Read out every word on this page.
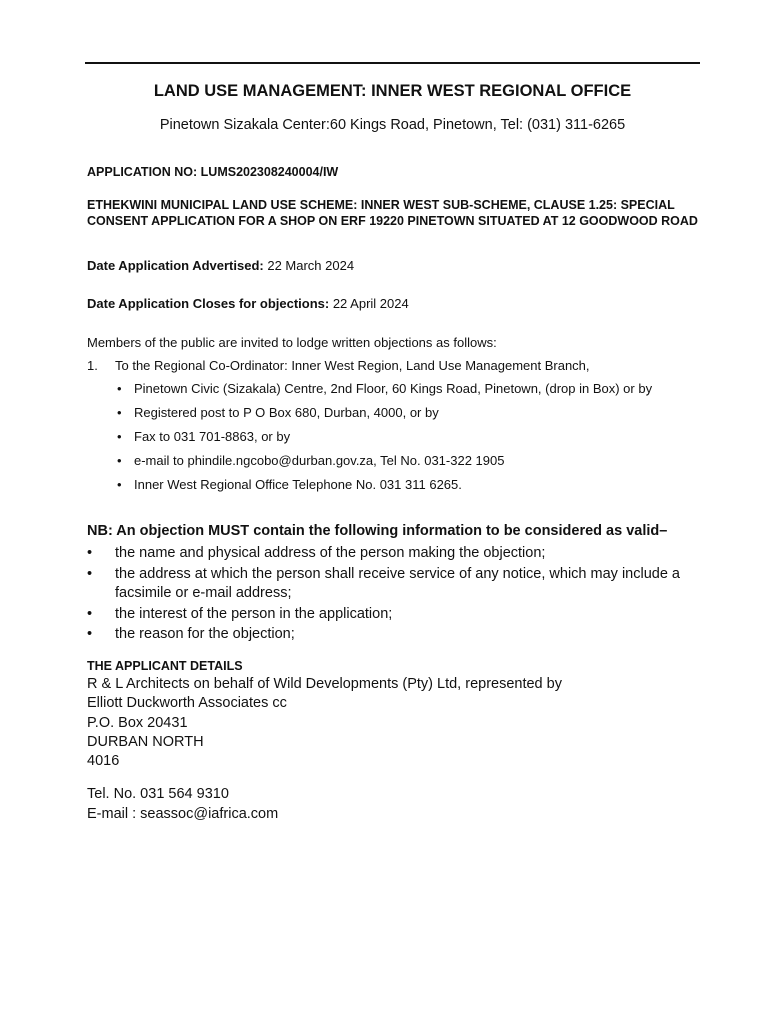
LAND USE MANAGEMENT: INNER WEST REGIONAL OFFICE

Pinetown Sizakala Center:60 Kings Road, Pinetown, Tel: (031) 311-6265

APPLICATION NO: LUMS202308240004/IW

ETHEKWINI MUNICIPAL LAND USE SCHEME: INNER WEST SUB-SCHEME, CLAUSE 1.25: SPECIAL CONSENT APPLICATION FOR A SHOP ON ERF 19220 PINETOWN SITUATED AT 12 GOODWOOD ROAD

Date Application Advertised: 22 March 2024

Date Application Closes for objections: 22 April 2024

Members of the public are invited to lodge written objections as follows:

1. To the Regional Co-Ordinator: Inner West Region, Land Use Management Branch,
• Pinetown Civic (Sizakala) Centre, 2nd Floor, 60 Kings Road, Pinetown, (drop in Box) or by
• Registered post to P O Box 680, Durban, 4000, or by
• Fax to 031 701-8863, or by
• e-mail to phindile.ngcobo@durban.gov.za, Tel No. 031-322 1905
• Inner West Regional Office Telephone No. 031 311 6265.

NB: An objection MUST contain the following information to be considered as valid–

• the name and physical address of the person making the objection;
• the address at which the person shall receive service of any notice, which may include a facsimile or e-mail address;
• the interest of the person in the application;
• the reason for the objection;

THE APPLICANT DETAILS

R & L Architects on behalf of Wild Developments (Pty) Ltd, represented by
Elliott Duckworth Associates cc
P.O. Box 20431
DURBAN NORTH
4016
Tel. No. 031 564 9310
E-mail : seassoc@iafrica.com
